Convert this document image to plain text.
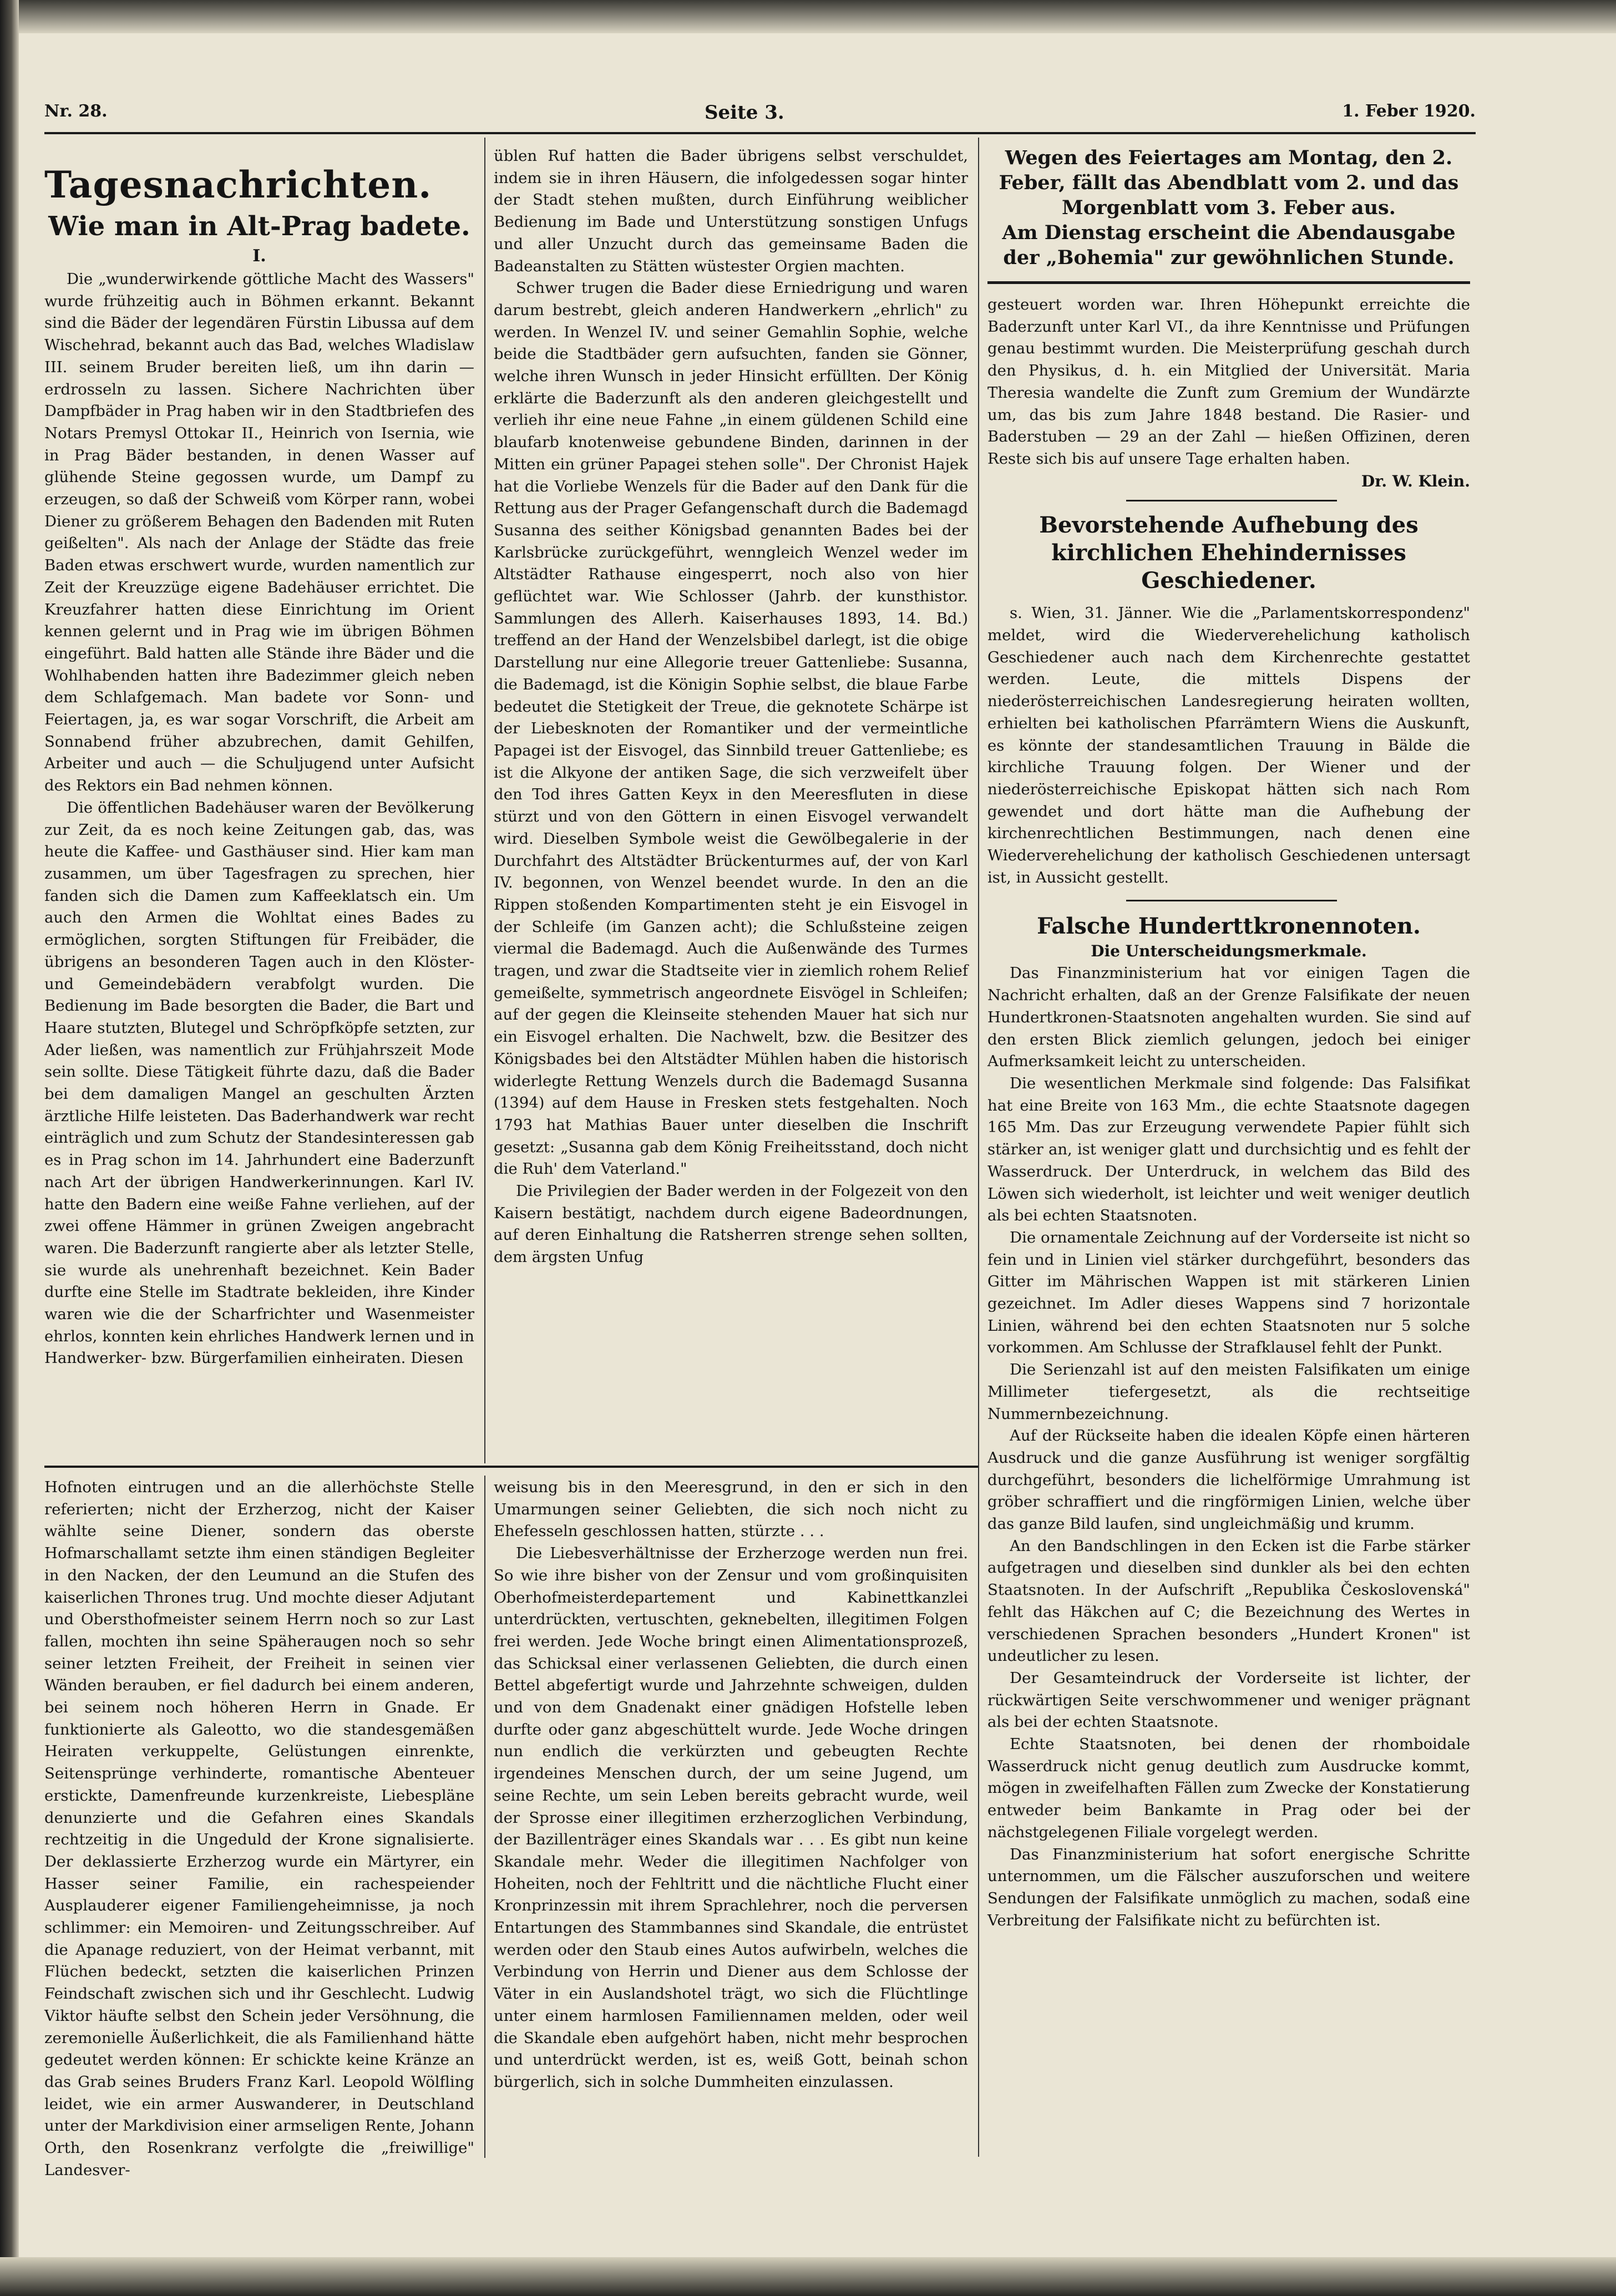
Nr. 28.	Seite 3.	1. Feber 1920.
Tagesnachrichten.
Wie man in Alt-Prag badete.
I.

Die „wunderwirkende göttliche Macht des Wassers" wurde frühzeitig auch in Böhmen erkannt. Bekannt sind die Bäder der legendären Fürstin Libussa auf dem Wischehrad, bekannt auch das Bad, welches Wladislaw III. seinem Bruder bereiten ließ, um ihn darin — erdrosseln zu lassen. Sichere Nachrichten über Dampfbäder in Prag haben wir in den Stadtbriefen des Notars Premysl Ottokar II., Heinrich von Isernia, wie in Prag Bäder bestanden, in denen Wasser auf glühende Steine gegossen wurde, um Dampf zu erzeugen, so daß der Schweiß vom Körper rann, wobei Diener zu größerem Behagen den Badenden mit Ruten geißelten". Als nach der Anlage der Städte das freie Baden etwas erschwert wurde, wurden namentlich zur Zeit der Kreuzzüge eigene Badehäuser errichtet. Die Kreuzfahrer hatten diese Einrichtung im Orient kennen gelernt und in Prag wie im übrigen Böhmen eingeführt. Bald hatten alle Stände ihre Bäder und die Wohlhabenden hatten ihre Badezimmer gleich neben dem Schlafgemach. Man badete vor Sonn- und Feiertagen, ja, es war sogar Vorschrift, die Arbeit am Sonnabend früher abzubrechen, damit Gehilfen, Arbeiter und auch — die Schuljugend unter Aufsicht des Rektors ein Bad nehmen können.

Die öffentlichen Badehäuser waren der Bevölkerung zur Zeit, da es noch keine Zeitungen gab, das, was heute die Kaffee- und Gasthäuser sind. Hier kam man zusammen, um über Tagesfragen zu sprechen, hier fanden sich die Damen zum Kaffeeklatsch ein. Um auch den Armen die Wohltat eines Bades zu ermöglichen, sorgten Stiftungen für Freibäder, die übrigens an besonderen Tagen auch in den Klöster- und Gemeindebädern verabfolgt wurden. Die Bedienung im Bade besorgten die Bader, die Bart und Haare stutzten, Blutegel und Schröpfköpfe setzten, zur Ader ließen, was namentlich zur Frühjahrszeit Mode sein sollte. Diese Tätigkeit führte dazu, daß die Bader bei dem damaligen Mangel an geschulten Ärzten ärztliche Hilfe leisteten. Das Baderhandwerk war recht einträglich und zum Schutz der Standesinteressen gab es in Prag schon im 14. Jahrhundert eine Baderzunft nach Art der übrigen Handwerkerinnungen. Karl IV. hatte den Badern eine weiße Fahne verliehen, auf der zwei offene Hämmer in grünen Zweigen angebracht waren. Die Baderzunft rangierte aber als letzter Stelle, sie wurde als unehrenhaft bezeichnet. Kein Bader durfte eine Stelle im Stadtrate bekleiden, ihre Kinder waren wie die der Scharfrichter und Wasenmeister ehrlos, konnten kein ehrliches Handwerk lernen und in Handwerker- bzw. Bürgerfamilien einheiraten. Diesen

üblen Ruf hatten die Bader übrigens selbst verschuldet, indem sie in ihren Häusern, die infolgedessen sogar hinter der Stadt stehen mußten, durch Einführung weiblicher Bedienung im Bade und Unterstützung sonstigen Unfugs und aller Unzucht durch das gemeinsame Baden die Badeanstalten zu Stätten wüstester Orgien machten.

Schwer trugen die Bader diese Erniedrigung und waren darum bestrebt, gleich anderen Handwerkern „ehrlich" zu werden. In Wenzel IV. und seiner Gemahlin Sophie, welche beide die Stadtbäder gern aufsuchten, fanden sie Gönner, welche ihren Wunsch in jeder Hinsicht erfüllten. Der König erklärte die Baderzunft als den anderen gleichgestellt und verlieh ihr eine neue Fahne „in einem güldenen Schild eine blaufarb knotenweise gebundene Binden, darinnen in der Mitten ein grüner Papagei stehen solle". Der Chronist Hajek hat die Vorliebe Wenzels für die Bader auf den Dank für die Rettung aus der Prager Gefangenschaft durch die Bademagd Susanna des seither Königsbad genannten Bades bei der Karlsbrücke zurückgeführt, wenngleich Wenzel weder im Altstädter Rathause eingesperrt, noch also von hier geflüchtet war. Wie Schlosser (Jahrb. der kunsthistor. Sammlungen des Allerh. Kaiserhauses 1893, 14. Bd.) treffend an der Hand der Wenzelsbibel darlegt, ist die obige Darstellung nur eine Allegorie treuer Gattenliebe: Susanna, die Bademagd, ist die Königin Sophie selbst, die blaue Farbe bedeutet die Stetigkeit der Treue, die geknotete Schärpe ist der Liebesknoten der Romantiker und der vermeintliche Papagei ist der Eisvogel, das Sinnbild treuer Gattenliebe; es ist die Alkyone der antiken Sage, die sich verzweifelt über den Tod ihres Gatten Keyx in den Meeresfluten in diese stürzt und von den Göttern in einen Eisvogel verwandelt wird. Dieselben Symbole weist die Gewölbegalerie in der Durchfahrt des Altstädter Brückenturmes auf, der von Karl IV. begonnen, von Wenzel beendet wurde. In den an die Rippen stoßenden Kompartimenten steht je ein Eisvogel in der Schleife (im Ganzen acht); die Schlußsteine zeigen viermal die Bademagd. Auch die Außenwände des Turmes tragen, und zwar die Stadtseite vier in ziemlich rohem Relief gemeißelte, symmetrisch angeordnete Eisvögel in Schleifen; auf der gegen die Kleinseite stehenden Mauer hat sich nur ein Eisvogel erhalten. Die Nachwelt, bzw. die Besitzer des Königsbades bei den Altstädter Mühlen haben die historisch widerlegte Rettung Wenzels durch die Bademagd Susanna (1394) auf dem Hause in Fresken stets festgehalten. Noch 1793 hat Mathias Bauer unter dieselben die Inschrift gesetzt: „Susanna gab dem König Freiheitsstand, doch nicht die Ruh' dem Vaterland."

Die Privilegien der Bader werden in der Folgezeit von den Kaisern bestätigt, nachdem durch eigene Badeordnungen, auf deren Einhaltung die Ratsherren strenge sehen sollten, dem ärgsten Unfug

Wegen des Feiertages am Montag, den 2. Feber, fällt das Abendblatt vom 2. und das Morgenblatt vom 3. Feber aus.
Am Dienstag erscheint die Abendausgabe der „Bohemia" zur gewöhnlichen Stunde.

gesteuert worden war. Ihren Höhepunkt erreichte die Baderzunft unter Karl VI., da ihre Kenntnisse und Prüfungen genau bestimmt wurden. Die Meisterprüfung geschah durch den Physikus, d. h. ein Mitglied der Universität. Maria Theresia wandelte die Zunft zum Gremium der Wundärzte um, das bis zum Jahre 1848 bestand. Die Rasier- und Baderstuben — 29 an der Zahl — hießen Offizinen, deren Reste sich bis auf unsere Tage erhalten haben.

Dr. W. Klein.
Bevorstehende Aufhebung des kirchlichen Ehehindernisses Geschiedener.

s. Wien, 31. Jänner. Wie die „Parlamentskorrespondenz" meldet, wird die Wiederverehelichung katholisch Geschiedener auch nach dem Kirchenrechte gestattet werden. Leute, die mittels Dispens der niederösterreichischen Landesregierung heiraten wollten, erhielten bei katholischen Pfarrämtern Wiens die Auskunft, es könnte der standesamtlichen Trauung in Bälde die kirchliche Trauung folgen. Der Wiener und der niederösterreichische Episkopat hätten sich nach Rom gewendet und dort hätte man die Aufhebung der kirchenrechtlichen Bestimmungen, nach denen eine Wiederverehelichung der katholisch Geschiedenen untersagt ist, in Aussicht gestellt.

Falsche Hunderttkronennoten.
Die Unterscheidungsmerkmale.

Das Finanzministerium hat vor einigen Tagen die Nachricht erhalten, daß an der Grenze Falsifikate der neuen Hundertkronen-Staatsnoten angehalten wurden. Sie sind auf den ersten Blick ziemlich gelungen, jedoch bei einiger Aufmerksamkeit leicht zu unterscheiden.

Die wesentlichen Merkmale sind folgende: Das Falsifikat hat eine Breite von 163 Mm., die echte Staatsnote dagegen 165 Mm. Das zur Erzeugung verwendete Papier fühlt sich stärker an, ist weniger glatt und durchsichtig und es fehlt der Wasserdruck. Der Unterdruck, in welchem das Bild des Löwen sich wiederholt, ist leichter und weit weniger deutlich als bei echten Staatsnoten.

Die ornamentale Zeichnung auf der Vorderseite ist nicht so fein und in Linien viel stärker durchgeführt, besonders das Gitter im Mährischen Wappen ist mit stärkeren Linien gezeichnet. Im Adler dieses Wappens sind 7 horizontale Linien, während bei den echten Staatsnoten nur 5 solche vorkommen. Am Schlusse der Strafklausel fehlt der Punkt.

Die Serienzahl ist auf den meisten Falsifikaten um einige Millimeter tiefergesetzt, als die rechtseitige Nummernbezeichnung.

Auf der Rückseite haben die idealen Köpfe einen härteren Ausdruck und die ganze Ausführung ist weniger sorgfältig durchgeführt, besonders die lichelförmige Umrahmung ist gröber schraffiert und die ringförmigen Linien, welche über das ganze Bild laufen, sind ungleichmäßig und krumm.

An den Bandschlingen in den Ecken ist die Farbe stärker aufgetragen und dieselben sind dunkler als bei den echten Staatsnoten. In der Aufschrift „Republika Československá" fehlt das Häkchen auf C; die Bezeichnung des Wertes in verschiedenen Sprachen besonders „Hundert Kronen" ist undeutlicher zu lesen.

Der Gesamteindruck der Vorderseite ist lichter, der rückwärtigen Seite verschwommener und weniger prägnant als bei der echten Staatsnote.

Echte Staatsnoten, bei denen der rhomboidale Wasserdruck nicht genug deutlich zum Ausdrucke kommt, mögen in zweifelhaften Fällen zum Zwecke der Konstatierung entweder beim Bankamte in Prag oder bei der nächstgelegenen Filiale vorgelegt werden.

Das Finanzministerium hat sofort energische Schritte unternommen, um die Fälscher auszuforschen und weitere Sendungen der Falsifikate unmöglich zu machen, sodaß eine Verbreitung der Falsifikate nicht zu befürchten ist.

Hofnoten eintrugen und an die allerhöchste Stelle referierten; nicht der Erzherzog, nicht der Kaiser wählte seine Diener, sondern das oberste Hofmarschallamt setzte ihm einen ständigen Begleiter in den Nacken, der den Leumund an die Stufen des kaiserlichen Thrones trug. Und mochte dieser Adjutant und Obersthofmeister seinem Herrn noch so zur Last fallen, mochten ihn seine Späheraugen noch so sehr seiner letzten Freiheit, der Freiheit in seinen vier Wänden berauben, er fiel dadurch bei einem anderen, bei seinem noch höheren Herrn in Gnade. Er funktionierte als Galeotto, wo die standesgemäßen Heiraten verkuppelte, Gelüstungen einrenkte, Seitensprünge verhinderte, romantische Abenteuer erstickte, Damenfreunde kurzenkreiste, Liebespläne denunzierte und die Gefahren eines Skandals rechtzeitig in die Ungeduld der Krone signalisierte. Der deklassierte Erzherzog wurde ein Märtyrer, ein Hasser seiner Familie, ein rachespeiender Ausplauderer eigener Familiengeheimnisse, ja noch schlimmer: ein Memoiren- und Zeitungsschreiber. Auf die Apanage reduziert, von der Heimat verbannt, mit Flüchen bedeckt, setzten die kaiserlichen Prinzen Feindschaft zwischen sich und ihr Geschlecht. Ludwig Viktor häufte selbst den Schein jeder Versöhnung, die zeremonielle Äußerlichkeit, die als Familienhand hätte gedeutet werden können: Er schickte keine Kränze an das Grab seines Bruders Franz Karl. Leopold Wölfling leidet, wie ein armer Auswanderer, in Deutschland unter der Markdivision einer armseligen Rente, Johann Orth, den Rosenkranz verfolgte die „freiwillige" Landesver-

weisung bis in den Meeresgrund, in den er sich in den Umarmungen seiner Geliebten, die sich noch nicht zu Ehefesseln geschlossen hatten, stürzte . . .

Die Liebesverhältnisse der Erzherzoge werden nun frei. So wie ihre bisher von der Zensur und vom großinquisiten Oberhofmeisterdepartement und Kabinettkanzlei unterdrückten, vertuschten, geknebelten, illegitimen Folgen frei werden. Jede Woche bringt einen Alimentationsprozeß, das Schicksal einer verlassenen Geliebten, die durch einen Bettel abgefertigt wurde und Jahrzehnte schweigen, dulden und von dem Gnadenakt einer gnädigen Hofstelle leben durfte oder ganz abgeschüttelt wurde. Jede Woche dringen nun endlich die verkürzten und gebeugten Rechte irgendeines Menschen durch, der um seine Jugend, um seine Rechte, um sein Leben bereits gebracht wurde, weil der Sprosse einer illegitimen erzherzoglichen Verbindung, der Bazillenträger eines Skandals war . . . Es gibt nun keine Skandale mehr. Weder die illegitimen Nachfolger von Hoheiten, noch der Fehltritt und die nächtliche Flucht einer Kronprinzessin mit ihrem Sprachlehrer, noch die perversen Entartungen des Stammbannes sind Skandale, die entrüstet werden oder den Staub eines Autos aufwirbeln, welches die Verbindung von Herrin und Diener aus dem Schlosse der Väter in ein Auslandshotel trägt, wo sich die Flüchtlinge unter einem harmlosen Familiennamen melden, oder weil die Skandale eben aufgehört haben, nicht mehr besprochen und unterdrückt werden, ist es, weiß Gott, beinah schon bürgerlich, sich in solche Dummheiten einzulassen.
